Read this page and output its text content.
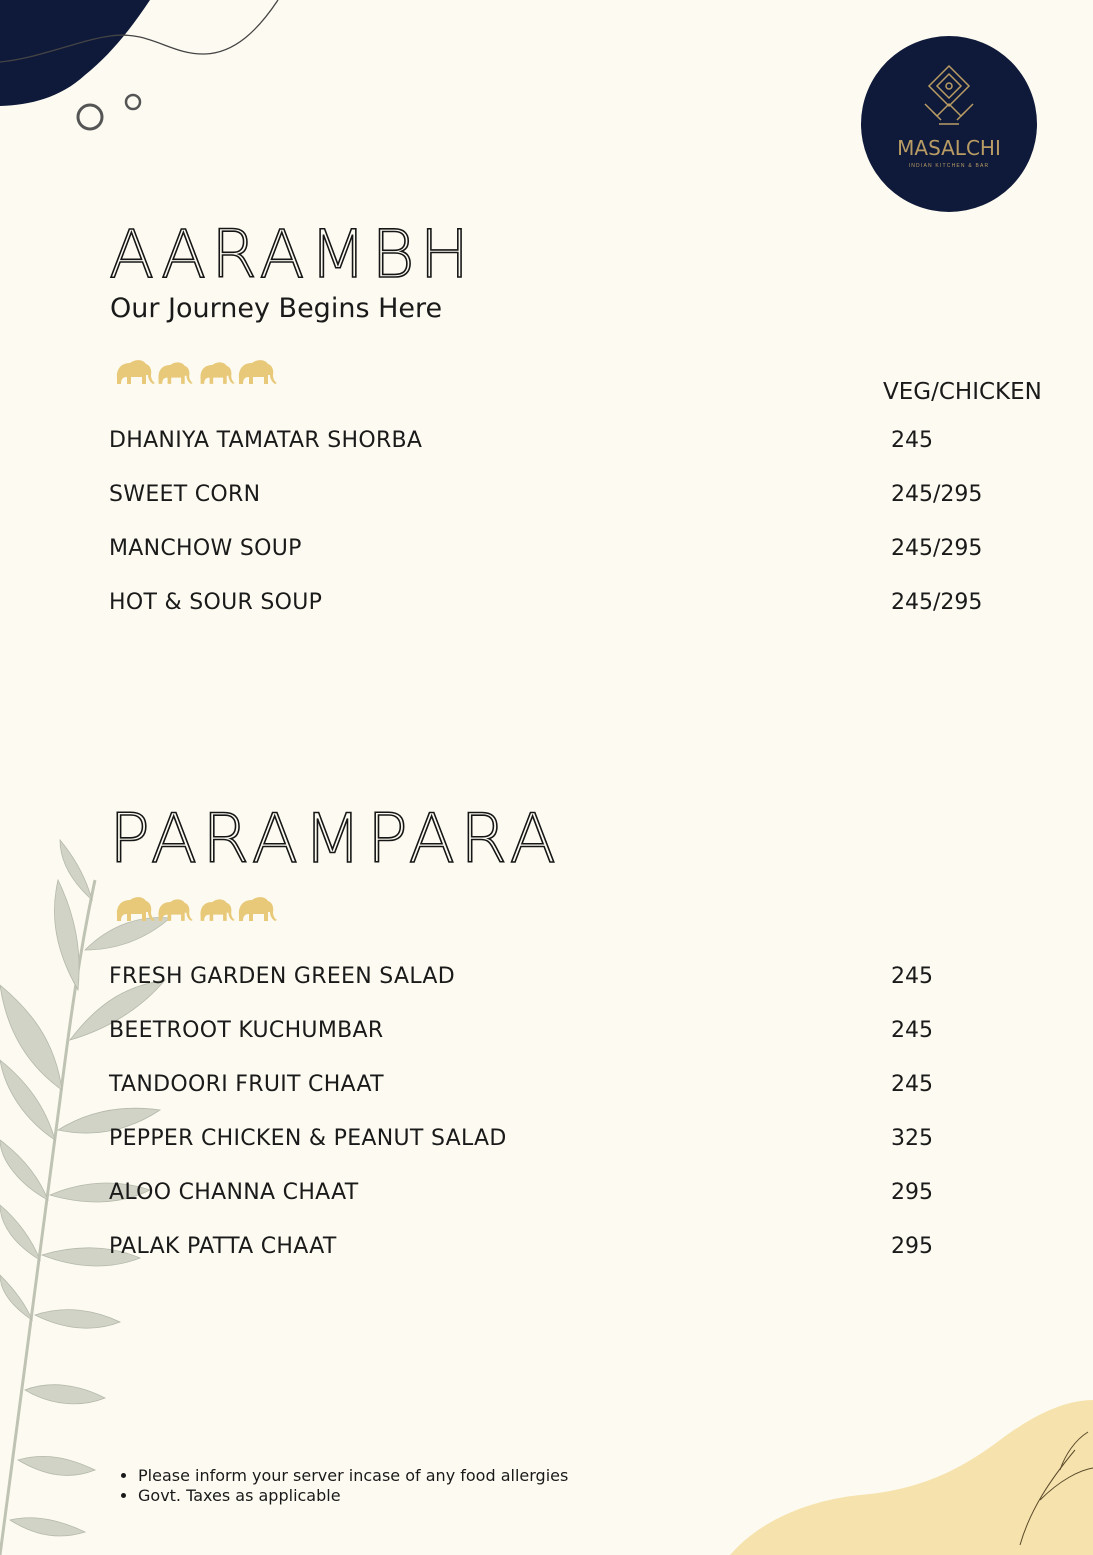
MASALCHI
INDIAN KITCHEN & BAR
AARAMBH
Our Journey Begins Here
VEG/CHICKEN
DHANIYA TAMATAR SHORBA	245
SWEET CORN	245/295
MANCHOW SOUP	245/295
HOT & SOUR SOUP	245/295
PARAMPARA
FRESH GARDEN GREEN SALAD	245
BEETROOT KUCHUMBAR	245
TANDOORI FRUIT CHAAT	245
PEPPER CHICKEN & PEANUT SALAD	325
ALOO CHANNA CHAAT	295
PALAK PATTA CHAAT	295
• Please inform your server incase of any food allergies
• Govt. Taxes as applicable
